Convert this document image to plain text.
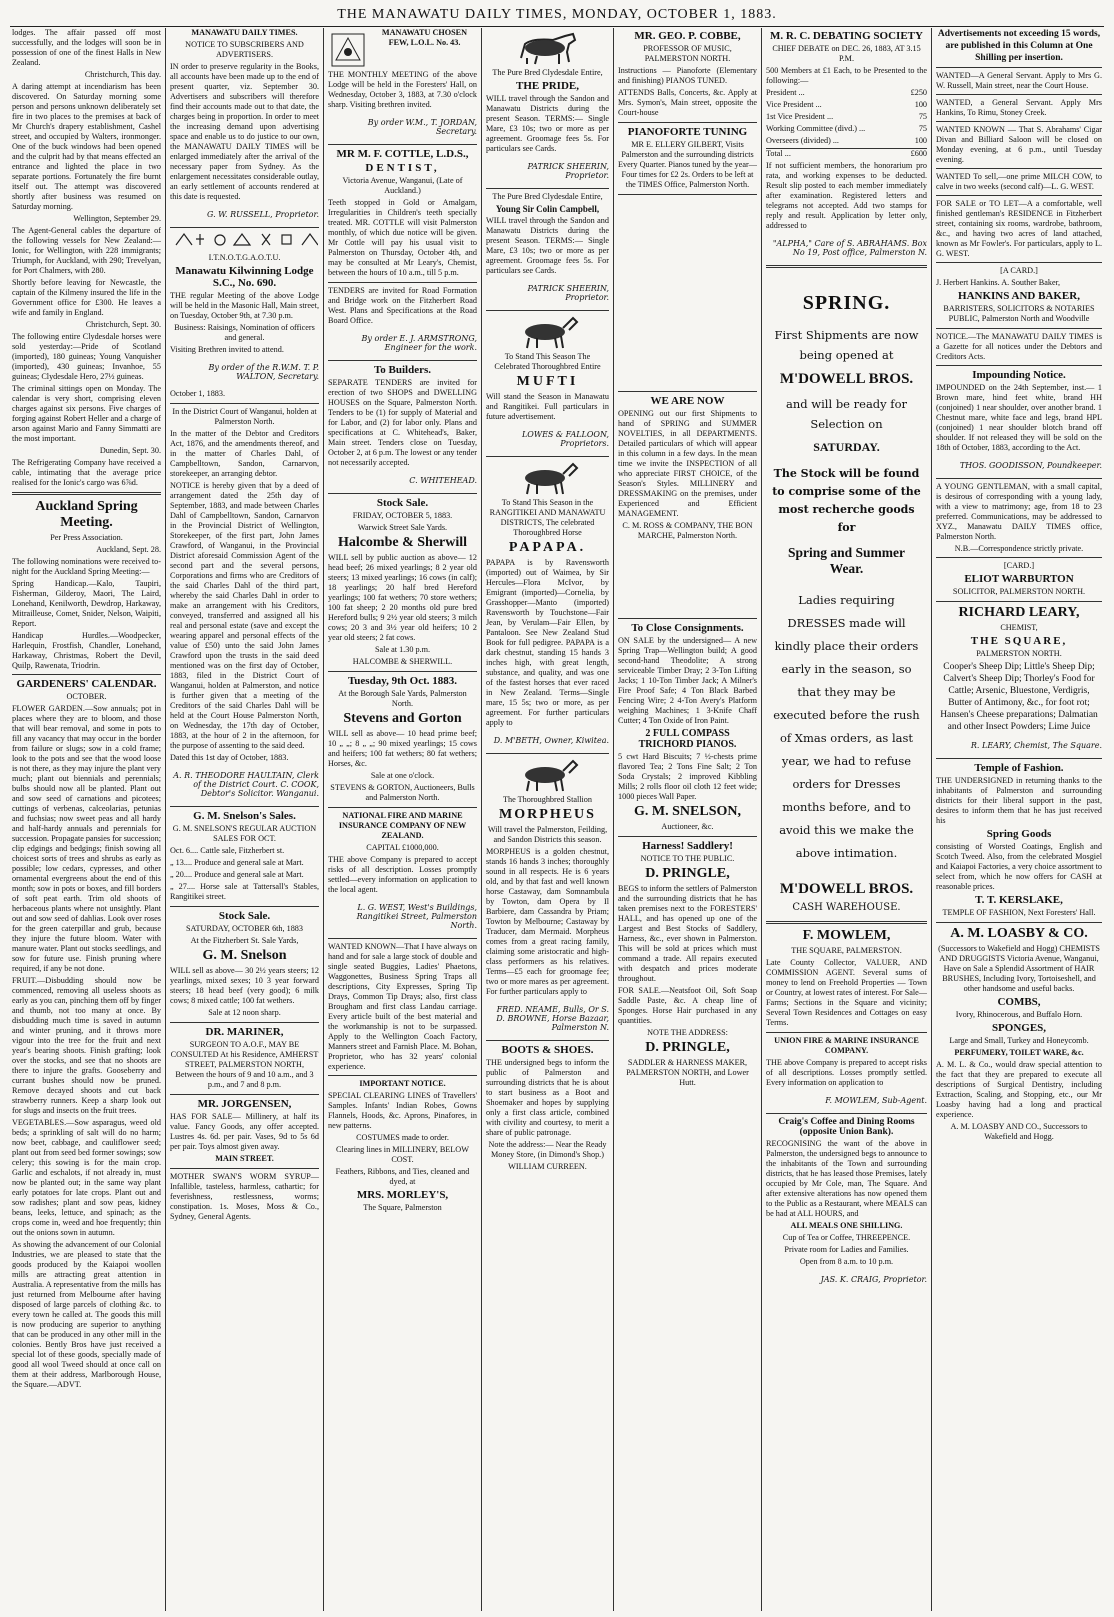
THE MANAWATU DAILY TIMES, MONDAY, OCTOBER 1, 1883.

lodges. The affair passed off most successfully, and the lodges will soon be in possession of one of the finest Halls in New Zealand.

Christchurch, This day.

A daring attempt at incendiarism has been discovered. On Saturday morning some person and persons unknown deliberately set fire in two places to the premises at back of Mr Church's drapery establishment, Cashel street, and occupied by Walters, ironmonger. One of the buck windows had been opened and the culprit had by that means effected an entrance and lighted the place in two separate portions. Fortunately the fire burnt itself out. The attempt was discovered shortly after business was resumed on Saturday morning.

Wellington, September 29.

The Agent-General cables the departure of the following vessels for New Zealand:—Ionic, for Wellington, with 228 immigrants; Triumph, for Auckland, with 290; Trevelyan, for Port Chalmers, with 280.

Shortly before leaving for Newcastle, the captain of the Kilmeny insured the life in the Government office for £300. He leaves a wife and family in England.

Christchurch, Sept. 30.

The following entire Clydesdale horses were sold yesterday:—Pride of Scotland (imported), 180 guineas; Young Vanquisher (imported), 430 guineas; Invanhoe, 55 guineas; Clydesdale Hero, 27½ guineas.

The criminal sittings open on Monday. The calendar is very short, comprising eleven charges against six persons. Five charges of forging against Robert Heller and a charge of arson against Mario and Fanny Simmatti are the most important.

Dunedin, Sept. 30.

The Refrigerating Company have received a cable, intimating that the average price realised for the Ionic's cargo was 6⅞d.

Auckland Spring Meeting.

Per Press Association.

Auckland, Sept. 28.

The following nominations were received to-night for the Auckland Spring Meeting:—

Spring Handicap.—Kalo, Taupiri, Fisherman, Gilderoy, Maori, The Laird, Lonehand, Kenilworth, Dewdrop, Harkaway, Mitrailleuse, Comet, Snider, Nelson, Waipiti, Report.

Handicap Hurdles.—Woodpecker, Harlequin, Frostfish, Chandler, Lonehand, Harkaway, Christmas, Robert the Devil, Quilp, Rawenata, Triodrin.

GARDENERS' CALENDAR.

OCTOBER.

FLOWER GARDEN.—Sow annuals; pot in places where they are to bloom, and those that will bear removal, and some in pots to fill any vacancy that may occur in the border from failure or slugs; sow in a cold frame; look to the pots and see that the wood loose is not there, as they may injure the plant very much; plant out biennials and perennials; bulbs should now all be planted. Plant out and sow seed of carnations and picotees; cuttings of verbenas, calceolarias, petunias and fuchsias; now sweet peas and all hardy and half-hardy annuals and perennials for succession. Propagate pansies for succession; clip edgings and bedgings; finish sowing all choicest sorts of trees and shrubs as early as possible; low cedars, cypresses, and other ornamental evergreens about the end of this month; sow in pots or boxes, and fill borders of soft peat earth. Trim old shoots of herbaceous plants where not unsightly. Plant out and sow seed of dahlias. Look over roses for the green caterpillar and grub, because they injure the future bloom. Water with manure water. Plant out stocks seedlings, and sow for future use. Finish pruning where required, if any be not done.

FRUIT.—Disbudding should now be commenced, removing all useless shoots as early as you can, pinching them off by finger and thumb, not too many at once. By disbudding much time is saved in autumn and winter pruning, and it throws more vigour into the tree for the fruit and next year's bearing shoots. Finish grafting; look over the stocks, and see that no shoots are there to injure the grafts. Gooseberry and currant bushes should now be pruned. Remove decayed shoots and cut back strawberry runners. Keep a sharp look out for slugs and insects on the fruit trees.

VEGETABLES.—Sow asparagus, weed old beds; a sprinkling of salt will do no harm; now beet, cabbage, and cauliflower seed; plant out from seed bed former sowings; sow celery; this sowing is for the main crop. Garlic and eschalots, if not already in, must now be planted out; in the same way plant early potatoes for late crops. Plant out and sow radishes; plant and sow peas, kidney beans, leeks, lettuce, and spinach; as the crops come in, weed and hoe frequently; thin out the onions sown in autumn.

As showing the advancement of our Colonial Industries, we are pleased to state that the goods produced by the Kaiapoi woollen mills are attracting great attention in Australia. A representative from the mills has just returned from Melbourne after having disposed of large parcels of clothing &c. to every town he called at. The goods this mill is now producing are superior to anything that can be produced in any other mill in the colonies. Bently Bros have just received a special lot of these goods, specially made of good all wool Tweed should at once call on them at their address, Marlborough House, the Square.—ADVT.

MANAWATU DAILY TIMES.
NOTICE TO SUBSCRIBERS AND ADVERTISERS.

IN order to preserve regularity in the Books, all accounts have been made up to the end of present quarter, viz. September 30. Advertisers and subscribers will therefore find their accounts made out to that date, the charges being in proportion. In order to meet the increasing demand upon advertising space and enable us to do justice to our own, the MANAWATU DAILY TIMES will be enlarged immediately after the arrival of the necessary paper from Sydney. As the enlargement necessitates considerable outlay, an early settlement of accounts rendered at this date is requested.

G. W. RUSSELL, Proprietor.

I.T.N.O.T.G.A.O.T.U.
Manawatu Kilwinning Lodge S.C., No. 690.

THE regular Meeting of the above Lodge will be held in the Masonic Hall, Main street, on Tuesday, October 9th, at 7.30 p.m.

Business: Raisings, Nomination of officers and general.

Visiting Brethren invited to attend.

By order of the R.W.M. T. P. WALTON, Secretary.

October 1, 1883.

In the District Court of Wanganui, holden at Palmerston North.

In the matter of the Debtor and Creditors Act, 1876, and the amendments thereof, and in the matter of Charles Dahl, of Campbelltown, Sandon, Carnarvon, storekeeper, an arranging debtor.

NOTICE is hereby given that by a deed of arrangement dated the 25th day of September, 1883, and made between Charles Dahl of Campbelltown, Sandon, Carnarvon in the Provincial District of Wellington, Storekeeper, of the first part, John James Crawford, of Wanganui, in the Provincial District aforesaid Commission Agent of the second part and the several persons, Corporations and firms who are Creditors of the said Charles Dahl of the third part, whereby the said Charles Dahl in order to make an arrangement with his Creditors, conveyed, transferred and assigned all his real and personal estate (save and except the wearing apparel and personal effects of the value of £50) unto the said John James Crawford upon the trusts in the said deed mentioned was on the first day of October, 1883, filed in the District Court of Wanganui, holden at Palmerston, and notice is further given that a meeting of the Creditors of the said Charles Dahl will be held at the Court House Palmerston North, on Wednesday, the 17th day of October, 1883, at the hour of 2 in the afternoon, for the purpose of assenting to the said deed.

Dated this 1st day of October, 1883.

A. R. THEODORE HAULTAIN, Clerk of the District Court. C. COOK, Debtor's Solicitor. Wanganui.

G. M. Snelson's Sales.

G. M. SNELSON'S REGULAR AUCTION SALES FOR OCT.

Oct. 6.... Cattle sale, Fitzherbert st.

„ 13.... Produce and general sale at Mart.

„ 20.... Produce and general sale at Mart.

„ 27.... Horse sale at Tattersall's Stables, Rangitikei street.

Stock Sale.

SATURDAY, OCTOBER 6th, 1883

At the Fitzherbert St. Sale Yards,

G. M. Snelson

WILL sell as above— 30 2½ years steers; 12 yearlings, mixed sexes; 10 3 year forward steers; 18 head beef (very good); 6 milk cows; 8 mixed cattle; 100 fat wethers.

Sale at 12 noon sharp.

DR. MARINER,

SURGEON TO A.O.F., MAY BE CONSULTED At his Residence, AMHERST STREET, PALMERSTON NORTH, Between the hours of 9 and 10 a.m., and 3 p.m., and 7 and 8 p.m.

MR. JORGENSEN,

HAS FOR SALE— Millinery, at half its value. Fancy Goods, any offer accepted. Lustres 4s. 6d. per pair. Vases, 9d to 5s 6d per pair. Toys almost given away.

MAIN STREET.

MOTHER SWAN'S WORM SYRUP—Infallible, tasteless, harmless, cathartic; for feverishness, restlessness, worms; constipation. 1s. Moses, Moss & Co., Sydney, General Agents.

MANAWATU CHOSEN FEW, L.O.L. No. 43.

THE MONTHLY MEETING of the above Lodge will be held in the Foresters' Hall, on Wednesday, October 3, 1883, at 7.30 o'clock sharp. Visiting brethren invited.

By order W.M., T. JORDAN, Secretary.

MR M. F. COTTLE, L.D.S.,
DENTIST,

Victoria Avenue, Wanganui, (Late of Auckland.)

Teeth stopped in Gold or Amalgam, Irregularities in Children's teeth specially treated. MR. COTTLE will visit Palmerston monthly, of which due notice will be given. Mr Cottle will pay his usual visit to Palmerston on Thursday, October 4th, and may be consulted at Mr Leary's, Chemist, between the hours of 10 a.m., till 5 p.m.

TENDERS are invited for Road Formation and Bridge work on the Fitzherbert Road West. Plans and Specifications at the Road Board Office.

By order E. J. ARMSTRONG, Engineer for the work.

To Builders.

SEPARATE TENDERS are invited for erection of two SHOPS and DWELLING HOUSES on the Square, Palmerston North. Tenders to be (1) for supply of Material and for Labor, and (2) for labor only. Plans and specifications at C. Whitehead's, Baker, Main street. Tenders close on Tuesday, October 2, at 6 p.m. The lowest or any tender not necessarily accepted.

C. WHITEHEAD.

Stock Sale.

FRIDAY, OCTOBER 5, 1883.

Warwick Street Sale Yards.

Halcombe & Sherwill

WILL sell by public auction as above— 12 head beef; 26 mixed yearlings; 8 2 year old steers; 13 mixed yearlings; 16 cows (in calf); 18 yearlings; 20 half bred Hereford yearlings; 100 fat wethers; 70 store wethers; 100 fat sheep; 2 20 months old pure bred Hereford bulls; 9 2½ year old steers; 3 milch cows; 20 3 and 3½ year old heifers; 10 2 year old steers; 2 fat cows.

Sale at 1.30 p.m.

HALCOMBE & SHERWILL.

Tuesday, 9th Oct. 1883.

At the Borough Sale Yards, Palmerston North.

Stevens and Gorton

WILL sell as above— 10 head prime beef; 10 „ „; 8 „ „; 90 mixed yearlings; 15 cows and heifers; 100 fat wethers; 80 fat wethers; Horses, &c.

Sale at one o'clock.

STEVENS & GORTON, Auctioneers, Bulls and Palmerston North.

NATIONAL FIRE AND MARINE INSURANCE COMPANY OF NEW ZEALAND.

CAPITAL £1000,000.

THE above Company is prepared to accept risks of all description. Losses promptly settled—every information on application to the local agent.

L. G. WEST, West's Buildings, Rangitikei Street, Palmerston North.

WANTED KNOWN—That I have always on hand and for sale a large stock of double and single seated Buggies, Ladies' Phaetons, Waggonettes, Business Spring Traps all descriptions, City Expresses, Spring Tip Drays, Common Tip Drays; also, first class Brougham and first class Landau carriage. Every article built of the best material and the workmanship is not to be surpassed. Apply to the Wellington Coach Factory, Manners street and Farnish Place. M. Bohan, Proprietor, who has 32 years' colonial experience.

IMPORTANT NOTICE.

SPECIAL CLEARING LINES of Travellers' Samples. Infants' Indian Robes, Gowns Flannels, Hoods, &c. Aprons, Pinafores, in new patterns.

COSTUMES made to order.

Clearing lines in MILLINERY, BELOW COST.

Feathers, Ribbons, and Ties, cleaned and dyed, at

MRS. MORLEY'S,

The Square, Palmerston

The Pure Bred Clydesdale Entire,

THE PRIDE,

WILL travel through the Sandon and Manawatu Districts during the present Season. TERMS:— Single Mare, £3 10s; two or more as per agreement. Groomage fees 5s. For particulars see Cards.

PATRICK SHEERIN, Proprietor.

The Pure Bred Clydesdale Entire,

Young Sir Colin Campbell,

WILL travel through the Sandon and Manawatu Districts during the present Season. TERMS:— Single Mare, £3 10s; two or more as per agreement. Groomage fees 5s. For particulars see Cards.

PATRICK SHEERIN, Proprietor.

To Stand This Season The Celebrated Thoroughbred Entire

MUFTI

Will stand the Season in Manawatu and Rangitikei. Full particulars in future advertisement.

LOWES & FALLOON, Proprietors.

To Stand This Season in the RANGITIKEI AND MANAWATU DISTRICTS, The celebrated Thoroughbred Horse

PAPAPA.

PAPAPA is by Ravensworth (imported) out of Waimea, by Sir Hercules—Flora McIvor, by Emigrant (imported)—Cornelia, by Grasshopper—Manto (imported) Ravensworth by Touchstone—Fair Jean, by Verulam—Fair Ellen, by Pantaloon. See New Zealand Stud Book for full pedigree. PAPAPA is a dark chestnut, standing 15 hands 3 inches high, with great length, substance, and quality, and was one of the fastest horses that ever raced in New Zealand. Terms—Single mare, 15 5s; two or more, as per agreement. For further particulars apply to

D. M'BETH, Owner, Kiwitea.

The Thoroughbred Stallion

MORPHEUS

Will travel the Palmerston, Feilding, and Sandon Districts this season.

MORPHEUS is a golden chestnut, stands 16 hands 3 inches; thoroughly sound in all respects. He is 6 years old, and by that fast and well known horse Castaway, dam Somnambula by Towton, dam Opera by Il Barbiere, dam Cassandra by Priam; Towton by Melbourne; Castaway by Traducer, dam Mermaid. Morpheus comes from a great racing family, claiming some aristocratic and high-class performers as his relatives. Terms—£5 each for groomage fee; two or more mares as per agreement. For further particulars apply to

FRED. NEAME, Bulls, Or S. D. BROWNE, Horse Bazaar, Palmerston N.

BOOTS & SHOES.

THE undersigned begs to inform the public of Palmerston and surrounding districts that he is about to start business as a Boot and Shoemaker and hopes by supplying only a first class article, combined with civility and courtesy, to merit a share of public patronage.

Note the address:— Near the Ready Money Store, (in Dimond's Shop.)

WILLIAM CURREEN.

MR. GEO. P. COBBE,

PROFESSOR OF MUSIC, PALMERSTON NORTH.

Instructions — Pianoforte (Elementary and finishing) PIANOS TUNED.

ATTENDS Balls, Concerts, &c. Apply at Mrs. Symon's, Main street, opposite the Court-house

PIANOFORTE TUNING

MR E. ELLERY GILBERT, Visits Palmerston and the surrounding districts Every Quarter. Pianos tuned by the year—Four times for £2 2s. Orders to be left at the TIMES Office, Palmerston North.

WE ARE NOW

OPENING out our first Shipments to hand of SPRING and SUMMER NOVELTIES, in all DEPARTMENTS. Detailed particulars of which will appear in this column in a few days. In the mean time we invite the INSPECTION of all who appreciate FIRST CHOICE, of the Season's Styles. MILLINERY and DRESSMAKING on the premises, under Experienced and Efficient MANAGEMENT.

C. M. ROSS & COMPANY, THE BON MARCHE, Palmerston North.

To Close Consignments.

ON SALE by the undersigned— A new Spring Trap—Wellington build; A good second-hand Theodolite; A strong serviceable Timber Dray; 2 3-Ton Lifting Jacks; 1 10-Ton Timber Jack; A Milner's Fire Proof Safe; 4 Ton Black Barbed Fencing Wire; 2 4-Ton Avery's Platform weighing Machines; 1 3-Knife Chaff Cutter; 4 Ton Oxide of Iron Paint.

2 FULL COMPASS TRICHORD PIANOS.

5 cwt Hard Biscuits; 7 ½-chests prime flavored Tea; 2 Tons Fine Salt; 2 Ton Soda Crystals; 2 improved Kibbling Mills; 2 rolls floor oil cloth 12 feet wide; 1000 pieces Wall Paper.

G. M. SNELSON,

Auctioneer, &c.

Harness! Saddlery!

NOTICE TO THE PUBLIC.

D. PRINGLE,

BEGS to inform the settlers of Palmerston and the surrounding districts that he has taken premises next to the FORESTERS' HALL, and has opened up one of the Largest and Best Stocks of Saddlery, Harness, &c., ever shown in Palmerston. This will be sold at prices which must command a trade. All repairs executed with despatch and prices moderate throughout.

FOR SALE.—Neatsfoot Oil, Soft Soap Saddle Paste, &c. A cheap line of Sponges. Horse Hair purchased in any quantities.

NOTE THE ADDRESS:

D. PRINGLE,

SADDLER & HARNESS MAKER, PALMERSTON NORTH, and Lower Hutt.

M. R. C. DEBATING SOCIETY

CHIEF DEBATE on DEC. 26, 1883, AT 3.15 P.M.

500 Members at £1 Each, to be Presented to the following:—

President ...	£250
Vice President ...	100
1st Vice President ...	75
Working Committee (divd.) ...	75
Overseers (divided) ...	100
Total ...	£600

If not sufficient members, the honorarium pro rata, and working expenses to be deducted. Result slip posted to each member immediately after examination. Registered letters and telegrams not accepted. Add two stamps for reply and result. Application by letter only, addressed to

"ALPHA," Care of S. ABRAHAMS. Box No 19, Post office, Palmerston N.

SPRING.
First Shipments are now being opened at
M'DOWELL BROS.
and will be ready for Selection on
SATURDAY.
The Stock will be found to comprise some of the most recherche goods for
Spring and Summer Wear.
Ladies requiring DRESSES made will kindly place their orders early in the season, so that they may be executed before the rush of Xmas orders, as last year, we had to refuse orders for Dresses months before, and to avoid this we make the above intimation.
M'DOWELL BROS.
CASH WAREHOUSE.
F. MOWLEM,

THE SQUARE, PALMERSTON.

Late County Collector, VALUER, AND COMMISSION AGENT. Several sums of money to lend on Freehold Properties — Town or Country, at lowest rates of interest. For Sale—Farms; Sections in the Square and vicinity; Several Town Residences and Cottages on easy Terms.

UNION FIRE & MARINE INSURANCE COMPANY.

THE above Company is prepared to accept risks of all descriptions. Losses promptly settled. Every information on application to

F. MOWLEM, Sub-Agent.

Craig's Coffee and Dining Rooms (opposite Union Bank).

RECOGNISING the want of the above in Palmerston, the undersigned begs to announce to the inhabitants of the Town and surrounding districts, that he has leased those Premises, lately occupied by Mr Cole, man, The Square. And after extensive alterations has now opened them to the Public as a Restaurant, where MEALS can be had at ALL HOURS, and

ALL MEALS ONE SHILLING.

Cup of Tea or Coffee, THREEPENCE.

Private room for Ladies and Families.

Open from 8 a.m. to 10 p.m.

JAS. K. CRAIG, Proprietor.

Advertisements not exceeding 15 words, are published in this Column at One Shilling per insertion.

WANTED—A General Servant. Apply to Mrs G. W. Russell, Main street, near the Court House.

WANTED, a General Servant. Apply Mrs Hankins, To Rimu, Stoney Creek.

WANTED KNOWN — That S. Abrahams' Cigar Divan and Billiard Saloon will be closed on Monday evening, at 6 p.m., until Tuesday evening.

WANTED To sell,—one prime MILCH COW, to calve in two weeks (second calf)—L. G. WEST.

FOR SALE or TO LET—A a comfortable, well finished gentleman's RESIDENCE in Fitzherbert street, containing six rooms, wardrobe, bathroom, &c., and having two acres of land attached, known as Mr Fowler's. For particulars, apply to L. G. WEST.

[A CARD.]

J. Herbert Hankins. A. Souther Baker,

HANKINS AND BAKER,

BARRISTERS, SOLICITORS & NOTARIES PUBLIC, Palmerston North and Woodville

NOTICE.—The MANAWATU DAILY TIMES is a Gazette for all notices under the Debtors and Creditors Acts.

Impounding Notice.

IMPOUNDED on the 24th September, inst.— 1 Brown mare, hind feet white, brand HH (conjoined) 1 near shoulder, over another brand. 1 Chestnut mare, white face and legs, brand HPL (conjoined) 1 near shoulder blotch brand off shoulder. If not released they will be sold on the 18th of October, 1883, according to the Act.

THOS. GOODISSON, Poundkeeper.

A YOUNG GENTLEMAN, with a small capital, is desirous of corresponding with a young lady, with a view to matrimony; age, from 18 to 23 preferred. Communications, may be addressed to XYZ., Manawatu DAILY TIMES office, Palmerston North.

N.B.—Correspondence strictly private.

[CARD.]

ELIOT WARBURTON

SOLICITOR, PALMERSTON NORTH.

RICHARD LEARY,

CHEMIST,

THE SQUARE,

PALMERSTON NORTH.

Cooper's Sheep Dip; Little's Sheep Dip; Calvert's Sheep Dip; Thorley's Food for Cattle; Arsenic, Bluestone, Verdigris, Butter of Antimony, &c., for foot rot; Hansen's Cheese preparations; Dalmatian and other Insect Powders; Lime Juice

R. LEARY, Chemist, The Square.

Temple of Fashion.

THE UNDERSIGNED in returning thanks to the inhabitants of Palmerston and surrounding districts for their liberal support in the past, desires to inform them that he has just received his

Spring Goods

consisting of Worsted Coatings, English and Scotch Tweed. Also, from the celebrated Mosgiel and Kaiapoi Factories, a very choice assortment to select from, which he now offers for CASH at reasonable prices.

T. T. KERSLAKE,

TEMPLE OF FASHION, Next Foresters' Hall.

A. M. LOASBY & CO.

(Successors to Wakefield and Hogg) CHEMISTS AND DRUGGISTS Victoria Avenue, Wanganui, Have on Sale a Splendid Assortment of HAIR BRUSHES, Including Ivory, Tortoiseshell, and other handsome and useful backs.

COMBS,

Ivory, Rhinocerous, and Buffalo Horn.

SPONGES,

Large and Small, Turkey and Honeycomb.

PERFUMERY, TOILET WARE, &c.

A. M. L. & Co., would draw special attention to the fact that they are prepared to execute all descriptions of Surgical Dentistry, including Extraction, Scaling, and Stopping, etc., our Mr Loasby having had a long and practical experience.

A. M. LOASBY AND CO., Successors to Wakefield and Hogg.
